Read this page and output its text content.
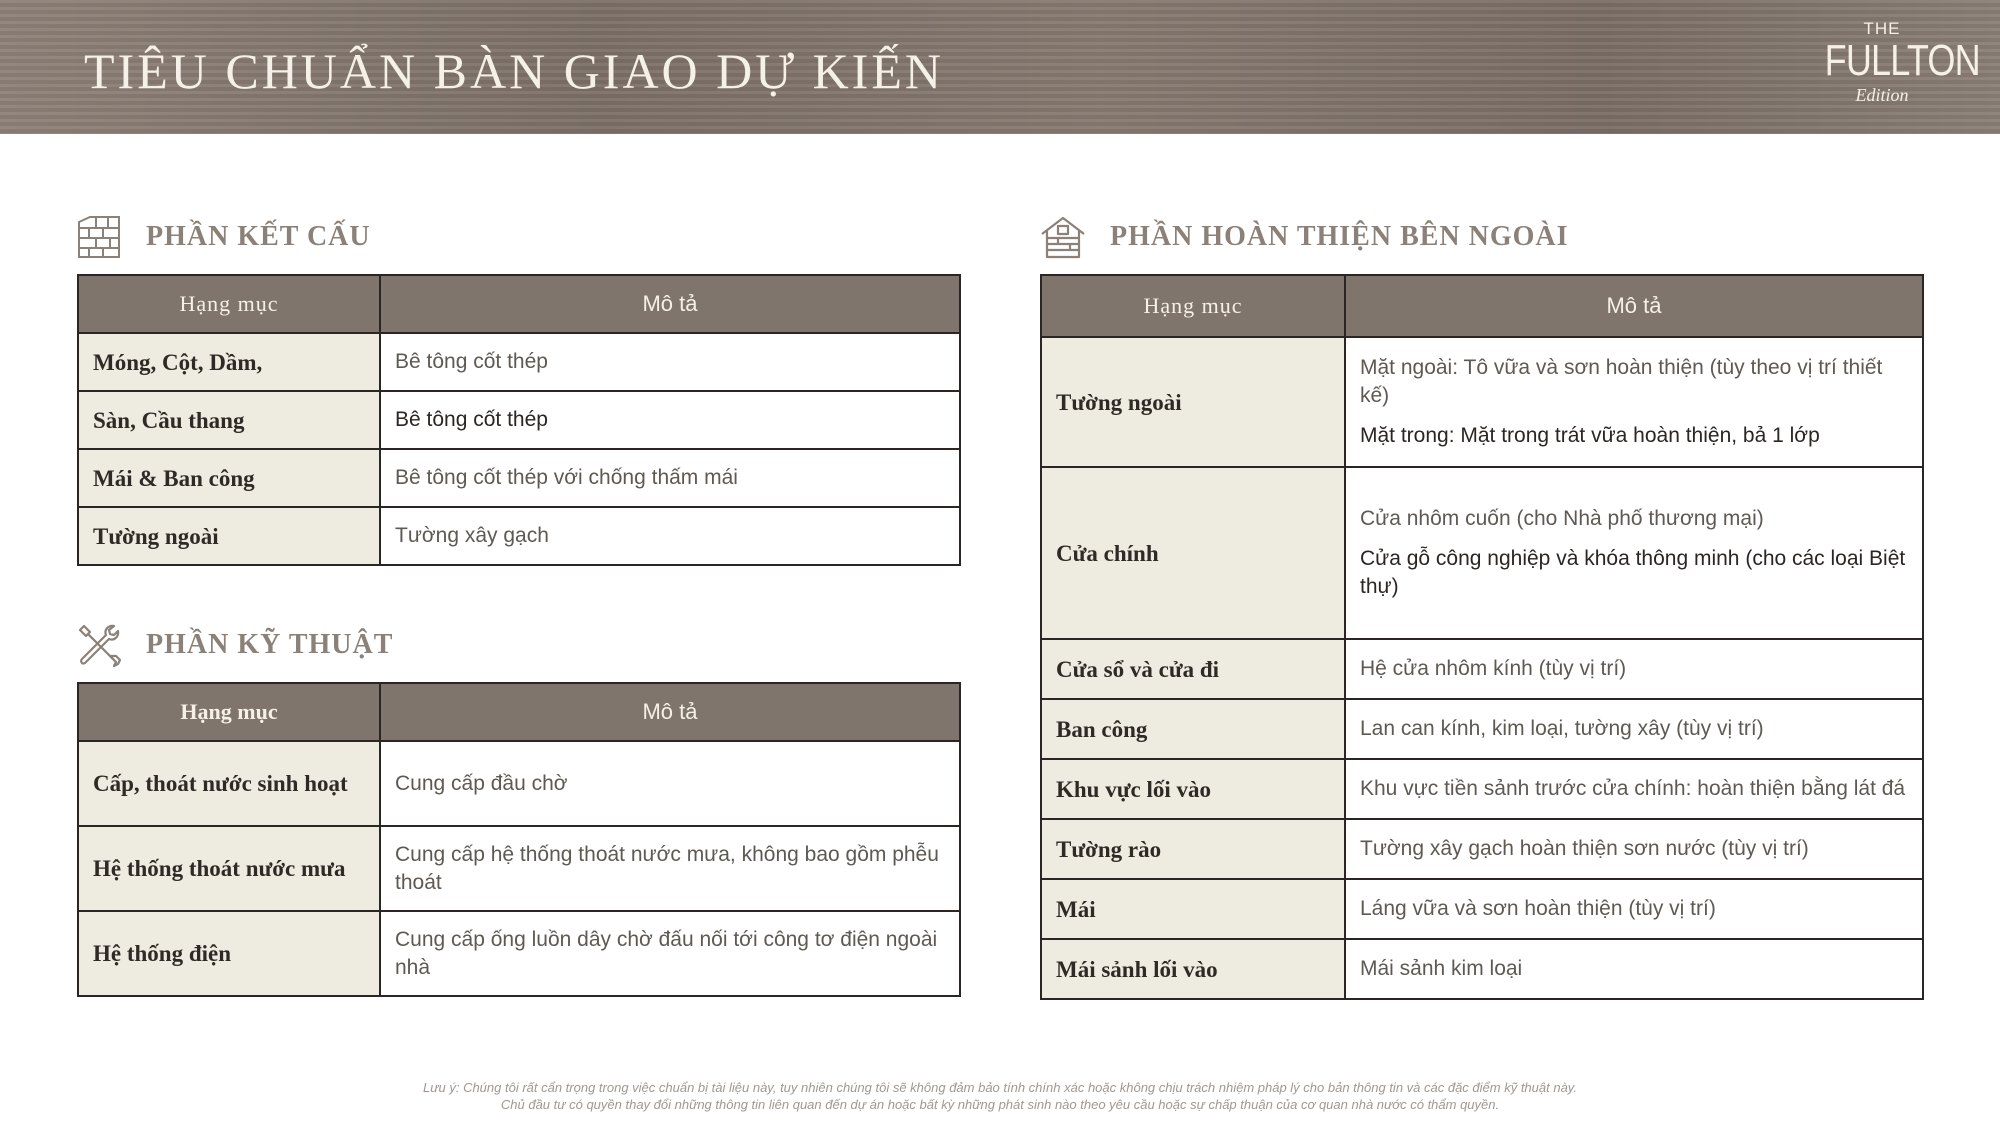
TIÊU CHUẨN BÀN GIAO DỰ KIẾN
THE
FULLTON
Edition
PHẦN KẾT CẤU
Hạng mục	Mô tả
Móng, Cột, Dầm,	Bê tông cốt thép
Sàn, Cầu thang	Bê tông cốt thép
Mái & Ban công	Bê tông cốt thép với chống thấm mái
Tường ngoài	Tường xây gạch
PHẦN KỸ THUẬT
Hạng mục	Mô tả
Cấp, thoát nước sinh hoạt	Cung cấp đầu chờ
Hệ thống thoát nước mưa	Cung cấp hệ thống thoát nước mưa, không bao gồm phễu thoát
Hệ thống điện	Cung cấp ống luồn dây chờ đấu nối tới công tơ điện ngoài nhà
PHẦN HOÀN THIỆN BÊN NGOÀI
Hạng mục	Mô tả
Tường ngoài	Mặt ngoài: Tô vữa và sơn hoàn thiện (tùy theo vị trí thiết kế)

Mặt trong: Mặt trong trát vữa hoàn thiện, bả 1 lớp

Cửa chính	Cửa nhôm cuốn (cho Nhà phố thương mại)

Cửa gỗ công nghiệp và khóa thông minh (cho các loại Biệt thự)

Cửa sổ và cửa đi	Hệ cửa nhôm kính (tùy vị trí)
Ban công	Lan can kính, kim loại, tường xây (tùy vị trí)
Khu vực lối vào	Khu vực tiền sảnh trước cửa chính: hoàn thiện bằng lát đá
Tường rào	Tường xây gạch hoàn thiện sơn nước (tùy vị trí)
Mái	Láng vữa và sơn hoàn thiện (tùy vị trí)
Mái sảnh lối vào	Mái sảnh kim loại
Lưu ý: Chúng tôi rất cẩn trọng trong việc chuẩn bị tài liệu này, tuy nhiên chúng tôi sẽ không đảm bảo tính chính xác hoặc không chịu trách nhiệm pháp lý cho bản thông tin và các đặc điểm kỹ thuật này.
Chủ đầu tư có quyền thay đổi những thông tin liên quan đến dự án hoặc bất kỳ những phát sinh nào theo yêu cầu hoặc sự chấp thuận của cơ quan nhà nước có thẩm quyền.
